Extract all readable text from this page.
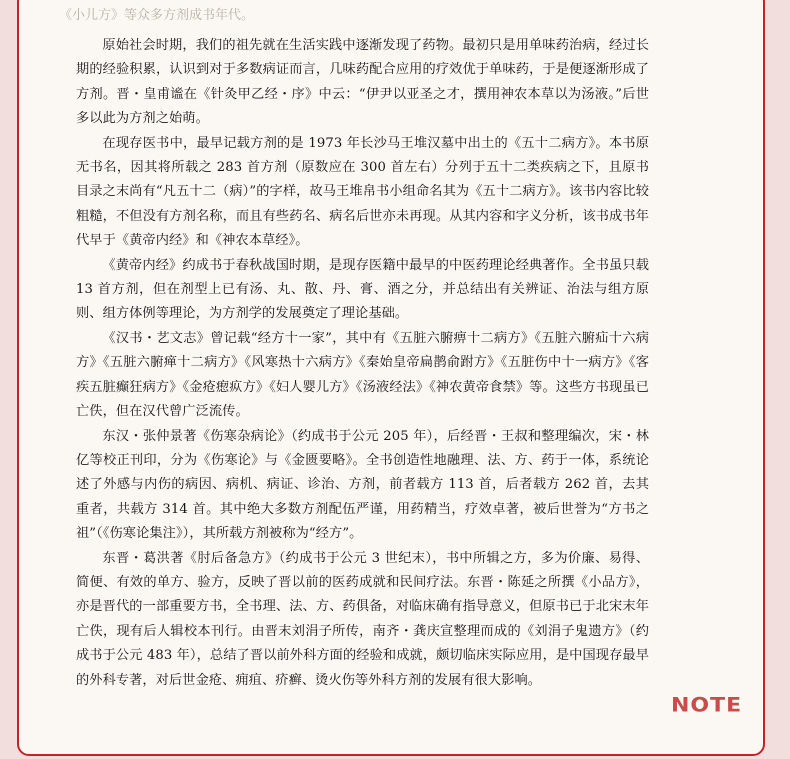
《小儿方》等众多方剂成书年代。

原始社会时期，我们的祖先就在生活实践中逐渐发现了药物。最初只是用单味药治病，经过长期的经验积累，认识到对于多数病证而言，几味药配合应用的疗效优于单味药，于是便逐渐形成了方剂。晋・皇甫谧在《针灸甲乙经・序》中云：“伊尹以亚圣之才，撰用神农本草以为汤液。”后世多以此为方剂之始萌。

在现存医书中，最早记载方剂的是 1973 年长沙马王堆汉墓中出土的《五十二病方》。本书原无书名，因其将所载之 283 首方剂（原数应在 300 首左右）分列于五十二类疾病之下，且原书目录之末尚有“凡五十二（病）”的字样，故马王堆帛书小组命名其为《五十二病方》。该书内容比较粗糙，不但没有方剂名称，而且有些药名、病名后世亦未再现。从其内容和字义分析，该书成书年代早于《黄帝内经》和《神农本草经》。

《黄帝内经》约成书于春秋战国时期，是现存医籍中最早的中医药理论经典著作。全书虽只载 13 首方剂，但在剂型上已有汤、丸、散、丹、膏、酒之分，并总结出有关辨证、治法与组方原则、组方体例等理论，为方剂学的发展奠定了理论基础。

《汉书・艺文志》曾记载“经方十一家”，其中有《五脏六腑痹十二病方》《五脏六腑疝十六病方》《五脏六腑瘅十二病方》《风寒热十六病方》《秦始皇帝扁鹊俞跗方》《五脏伤中十一病方》《客疾五脏癫狂病方》《金疮瘛疭方》《妇人婴儿方》《汤液经法》《神农黄帝食禁》等。这些方书现虽已亡佚，但在汉代曾广泛流传。

东汉・张仲景著《伤寒杂病论》（约成书于公元 205 年），后经晋・王叔和整理编次，宋・林亿等校正刊印，分为《伤寒论》与《金匮要略》。全书创造性地融理、法、方、药于一体，系统论述了外感与内伤的病因、病机、病证、诊治、方剂，前者载方 113 首，后者载方 262 首，去其重者，共载方 314 首。其中绝大多数方剂配伍严谨，用药精当，疗效卓著，被后世誉为“方书之祖”（《伤寒论集注》），其所载方剂被称为“经方”。

东晋・葛洪著《肘后备急方》（约成书于公元 3 世纪末），书中所辑之方，多为价廉、易得、简便、有效的单方、验方，反映了晋以前的医药成就和民间疗法。东晋・陈延之所撰《小品方》，亦是晋代的一部重要方书，全书理、法、方、药俱备，对临床确有指导意义，但原书已于北宋末年亡佚，现有后人辑校本刊行。由晋末刘涓子所传，南齐・龚庆宣整理而成的《刘涓子鬼遗方》（约成书于公元 483 年），总结了晋以前外科方面的经验和成就，颇切临床实际应用，是中国现存最早的外科专著，对后世金疮、痈疽、疥癣、烫火伤等外科方剂的发展有很大影响。

NOTE
